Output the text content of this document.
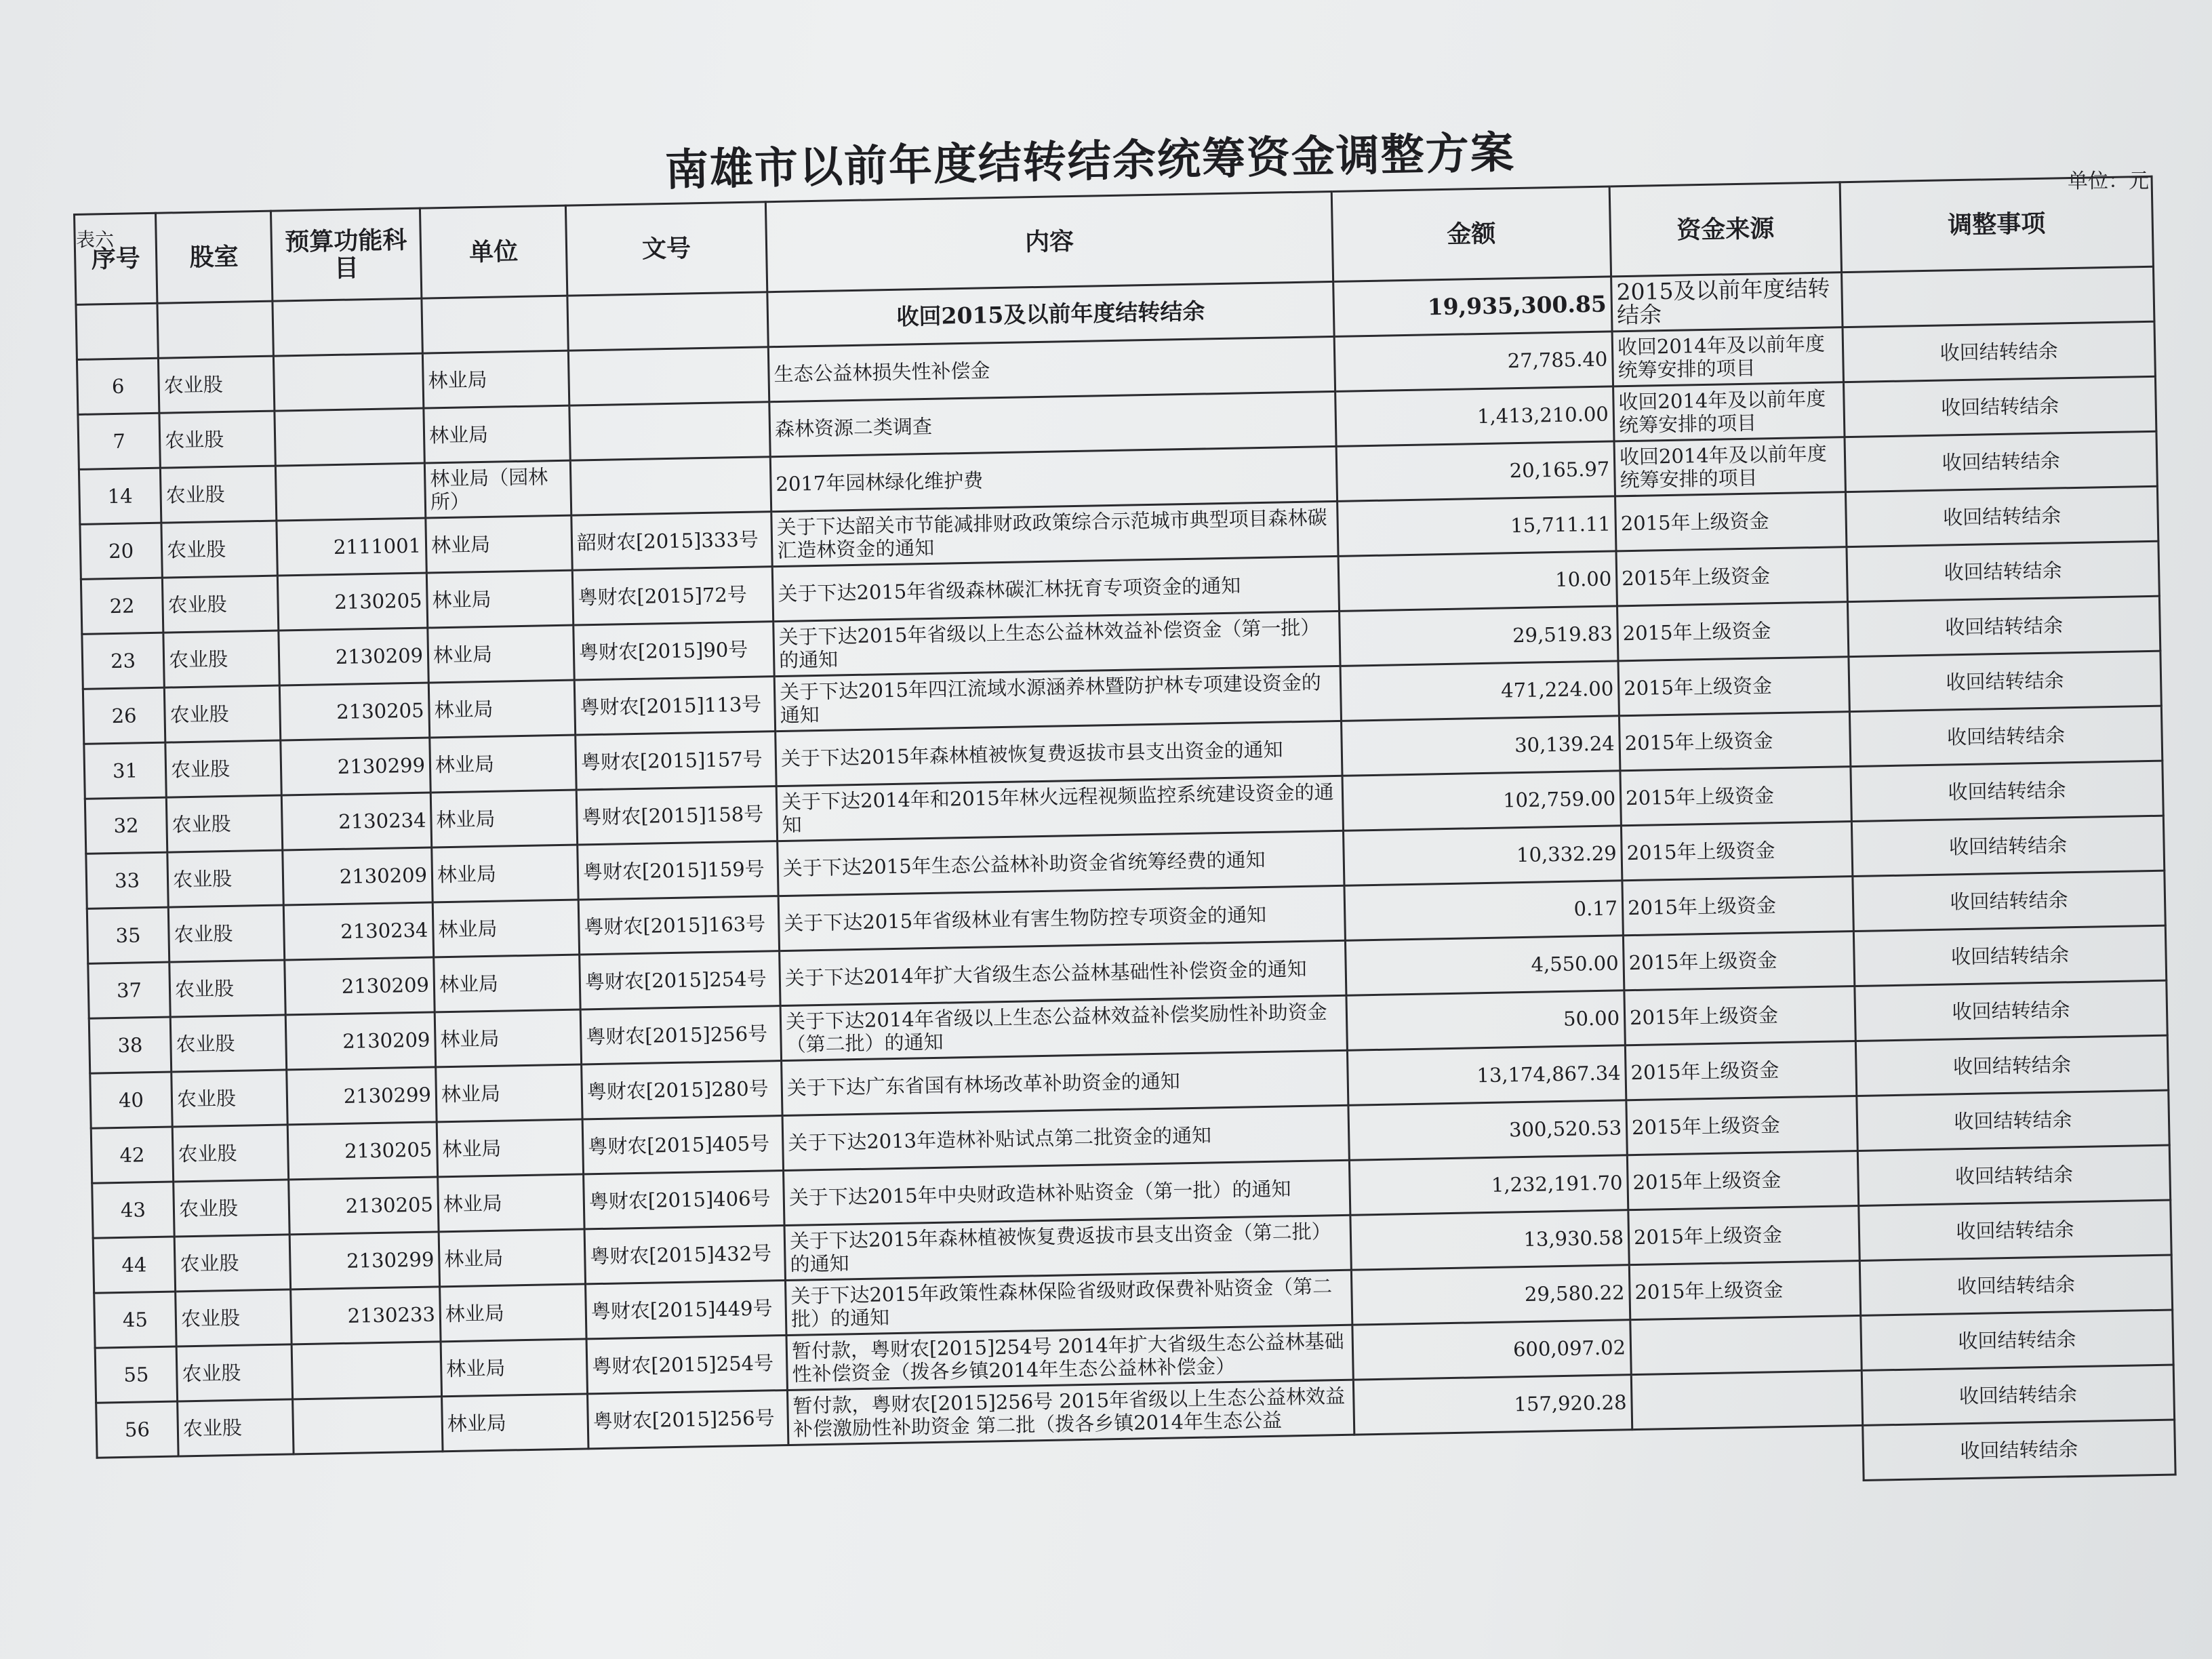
南雄市以前年度结转结余统筹资金调整方案	单位：元
表六
序号	股室	预算功能科目	单位	文号	内容	金额	资金来源	调整事项
					收回2015及以前年度结转结余	19,935,300.85	2015及以前年度结转结余	
6	农业股		林业局		生态公益林损失性补偿金	27,785.40	收回2014年及以前年度统筹安排的项目	收回结转结余
7	农业股		林业局		森林资源二类调查	1,413,210.00	收回2014年及以前年度统筹安排的项目	收回结转结余
14	农业股		林业局（园林所）		2017年园林绿化维护费	20,165.97	收回2014年及以前年度统筹安排的项目	收回结转结余
20	农业股	2111001	林业局	韶财农[2015]333号	关于下达韶关市节能减排财政政策综合示范城市典型项目森林碳汇造林资金的通知	15,711.11	2015年上级资金	收回结转结余
22	农业股	2130205	林业局	粤财农[2015]72号	关于下达2015年省级森林碳汇林抚育专项资金的通知	10.00	2015年上级资金	收回结转结余
23	农业股	2130209	林业局	粤财农[2015]90号	关于下达2015年省级以上生态公益林效益补偿资金（第一批）的通知	29,519.83	2015年上级资金	收回结转结余
26	农业股	2130205	林业局	粤财农[2015]113号	关于下达2015年四江流域水源涵养林暨防护林专项建设资金的通知	471,224.00	2015年上级资金	收回结转结余
31	农业股	2130299	林业局	粤财农[2015]157号	关于下达2015年森林植被恢复费返拔市县支出资金的通知	30,139.24	2015年上级资金	收回结转结余
32	农业股	2130234	林业局	粤财农[2015]158号	关于下达2014年和2015年林火远程视频监控系统建设资金的通知	102,759.00	2015年上级资金	收回结转结余
33	农业股	2130209	林业局	粤财农[2015]159号	关于下达2015年生态公益林补助资金省统筹经费的通知	10,332.29	2015年上级资金	收回结转结余
35	农业股	2130234	林业局	粤财农[2015]163号	关于下达2015年省级林业有害生物防控专项资金的通知	0.17	2015年上级资金	收回结转结余
37	农业股	2130209	林业局	粤财农[2015]254号	关于下达2014年扩大省级生态公益林基础性补偿资金的通知	4,550.00	2015年上级资金	收回结转结余
38	农业股	2130209	林业局	粤财农[2015]256号	关于下达2014年省级以上生态公益林效益补偿奖励性补助资金（第二批）的通知	50.00	2015年上级资金	收回结转结余
40	农业股	2130299	林业局	粤财农[2015]280号	关于下达广东省国有林场改革补助资金的通知	13,174,867.34	2015年上级资金	收回结转结余
42	农业股	2130205	林业局	粤财农[2015]405号	关于下达2013年造林补贴试点第二批资金的通知	300,520.53	2015年上级资金	收回结转结余
43	农业股	2130205	林业局	粤财农[2015]406号	关于下达2015年中央财政造林补贴资金（第一批）的通知	1,232,191.70	2015年上级资金	收回结转结余
44	农业股	2130299	林业局	粤财农[2015]432号	关于下达2015年森林植被恢复费返拔市县支出资金（第二批）的通知	13,930.58	2015年上级资金	收回结转结余
45	农业股	2130233	林业局	粤财农[2015]449号	关于下达2015年政策性森林保险省级财政保费补贴资金（第二批）的通知	29,580.22	2015年上级资金	收回结转结余
55	农业股		林业局	粤财农[2015]254号	暂付款，粤财农[2015]254号 2014年扩大省级生态公益林基础性补偿资金（拨各乡镇2014年生态公益林补偿金）	600,097.02		收回结转结余
56	农业股		林业局	粤财农[2015]256号	暂付款，粤财农[2015]256号 2015年省级以上生态公益林效益补偿激励性补助资金 第二批（拨各乡镇2014年生态公益	157,920.28		收回结转结余
								收回结转结余
